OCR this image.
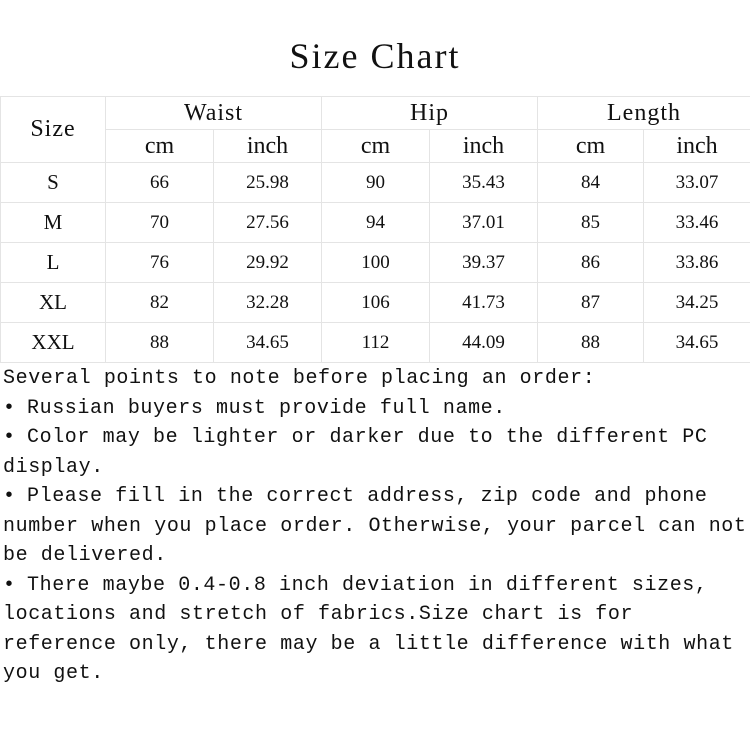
Size Chart
Size	Waist		Hip		Length	
	cm	inch	cm	inch	cm	inch
S	66	25.98	90	35.43	84	33.07
M	70	27.56	94	37.01	85	33.46
L	76	29.92	100	39.37	86	33.86
XL	82	32.28	106	41.73	87	34.25
XXL	88	34.65	112	44.09	88	34.65

Several points to note before placing an order:

• Russian buyers must provide full name.

• Color may be lighter or darker due to the different PC display.

• Please fill in the correct address, zip code and phone number when you place order. Otherwise, your parcel can not be delivered.

• There maybe 0.4-0.8 inch deviation in different sizes, locations and stretch of fabrics.Size chart is for reference only, there may be a little difference with what you get.
